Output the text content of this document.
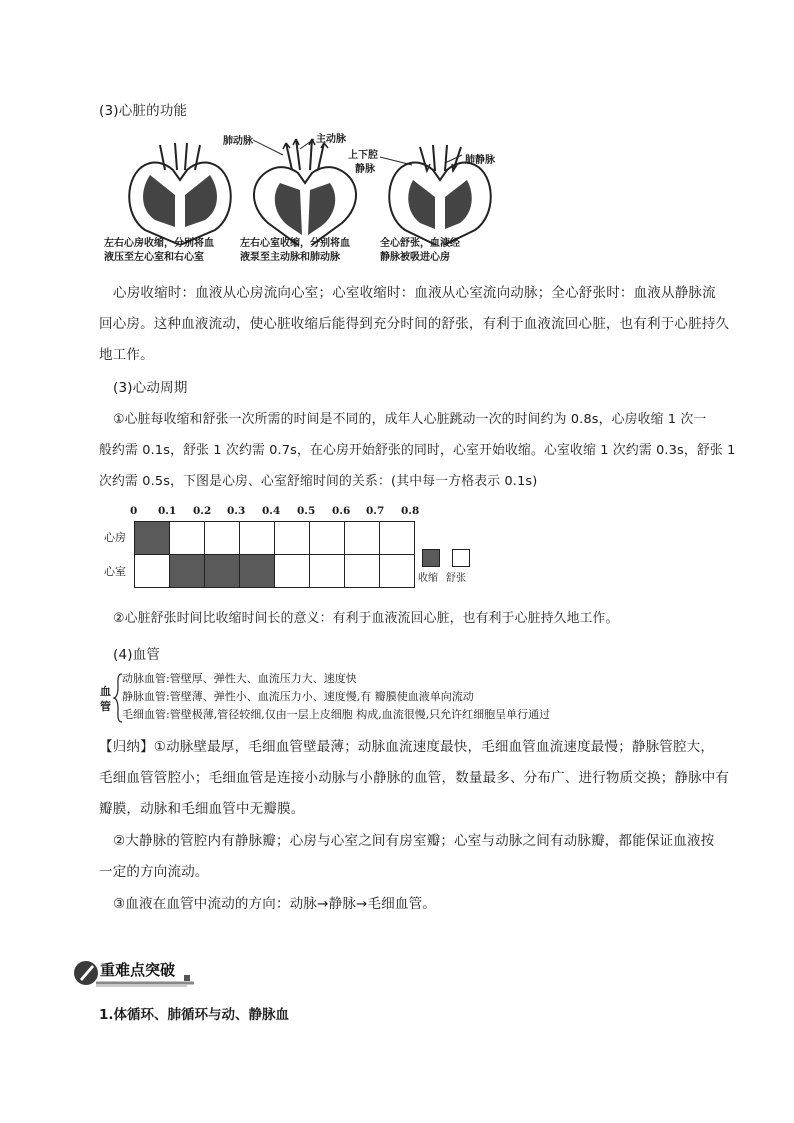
(3)心脏的功能
肺动脉	主动脉
上下腔
静脉
肺静脉
左右心房收缩，分别将血
液压至左心室和右心室
左右心室收缩，分别将血
液泵至主动脉和肺动脉
全心舒张，血液经
静脉被吸进心房
心房收缩时：血液从心房流向心室；心室收缩时：血液从心室流向动脉；全心舒张时：血液从静脉流
回心房。这种血液流动，使心脏收缩后能得到充分时间的舒张，有利于血液流回心脏，也有利于心脏持久
地工作。
(3)心动周期
①心脏每收缩和舒张一次所需的时间是不同的，成年人心脏跳动一次的时间约为 0.8s，心房收缩 1 次一
般约需 0.1s，舒张 1 次约需 0.7s，在心房开始舒张的同时，心室开始收缩。心室收缩 1 次约需 0.3s，舒张 1
次约需 0.5s，下图是心房、心室舒缩时间的关系：(其中每一方格表示 0.1s)
0 0.1 0.2 0.3 0.4 0.5 0.6 0.7 0.8
心房
心室
收缩 舒张
②心脏舒张时间比收缩时间长的意义：有利于血液流回心脏，也有利于心脏持久地工作。
(4)血管
血
管
动脉血管:管壁厚、弹性大、血流压力大、速度快
静脉血管:管壁薄、弹性小、血流压力小、速度慢,有 瓣膜使血液单向流动
毛细血管:管壁极薄,管径较细,仅由一层上皮细胞 构成,血流很慢,只允许红细胞呈单行通过
【归纳】①动脉壁最厚，毛细血管壁最薄；动脉血流速度最快，毛细血管血流速度最慢；静脉管腔大，
毛细血管管腔小；毛细血管是连接小动脉与小静脉的血管，数量最多、分布广、进行物质交换；静脉中有
瓣膜，动脉和毛细血管中无瓣膜。
②大静脉的管腔内有静脉瓣；心房与心室之间有房室瓣；心室与动脉之间有动脉瓣，都能保证血液按
一定的方向流动。
③血液在血管中流动的方向：动脉→静脉→毛细血管。
重难点突破
1.体循环、肺循环与动、静脉血
